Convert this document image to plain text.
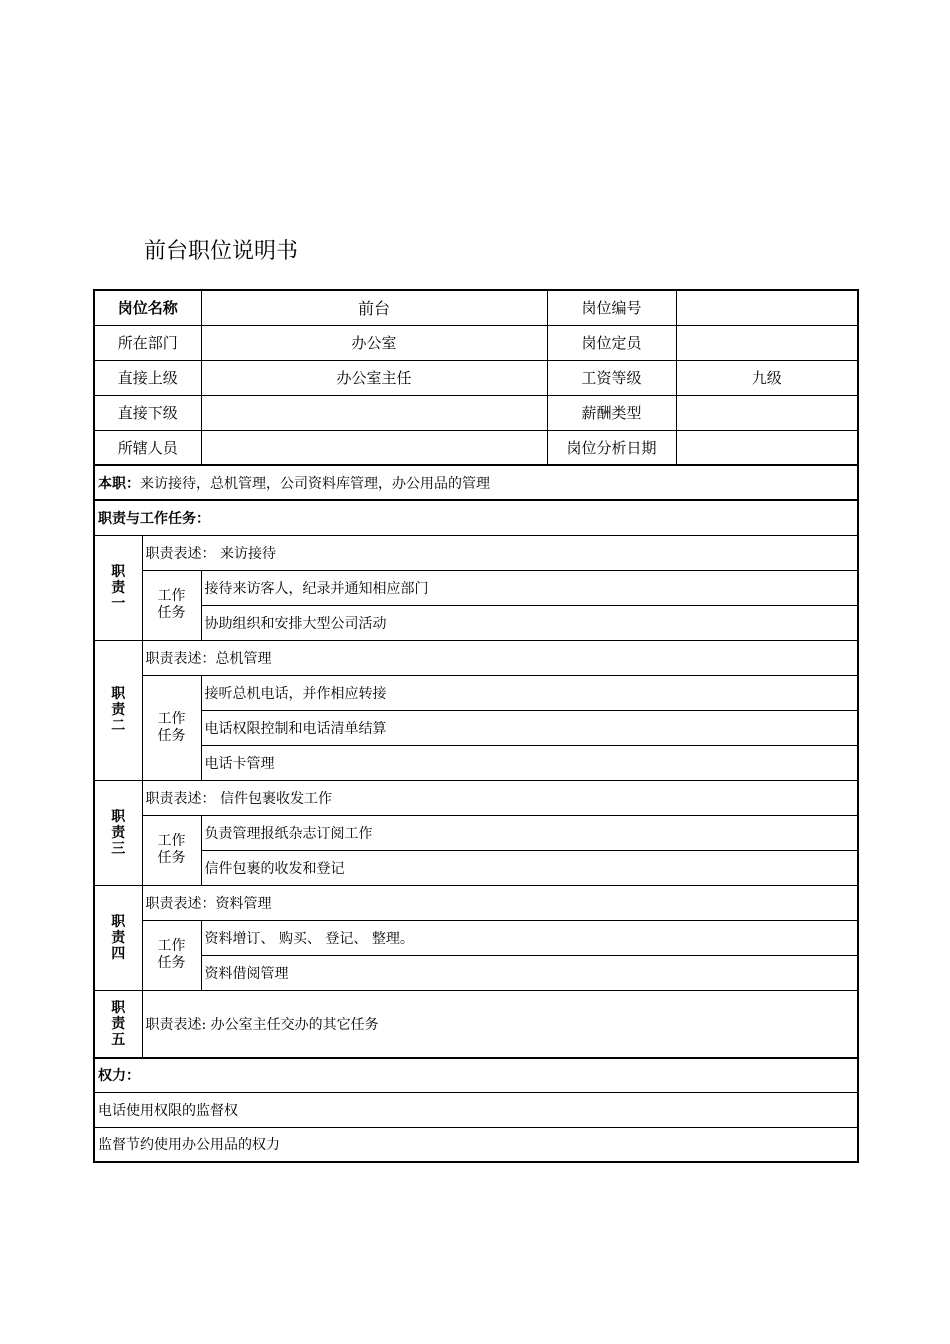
前台职位说明书
岗位名称		前台	岗位编号	
所在部门		办公室	岗位定员	
直接上级		办公室主任	工资等级	九级
直接下级			薪酬类型	
所辖人员			岗位分析日期	
本职：来访接待，总机管理，公司资料库管理，办公用品的管理				
职责与工作任务：				

职
责
一	职责表述： 来访接待			

	工作
任务	接待来访客人，纪录并通知相应部门		
		协助组织和安排大型公司活动		

职
责
二	职责表述：总机管理			

	工作
任务	接听总机电话，并作相应转接		
		电话权限控制和电话清单结算		
		电话卡管理		

职
责
三	职责表述： 信件包裹收发工作			

	工作
任务	负责管理报纸杂志订阅工作		
		信件包裹的收发和登记		

职
责
四	职责表述：资料管理			

	工作
任务	资料增订、 购买、 登记、 整理。		
		资料借阅管理		

职
责
五	职责表述: 办公室主任交办的其它任务			
权力：				
电话使用权限的监督权				
监督节约使用办公用品的权力				
